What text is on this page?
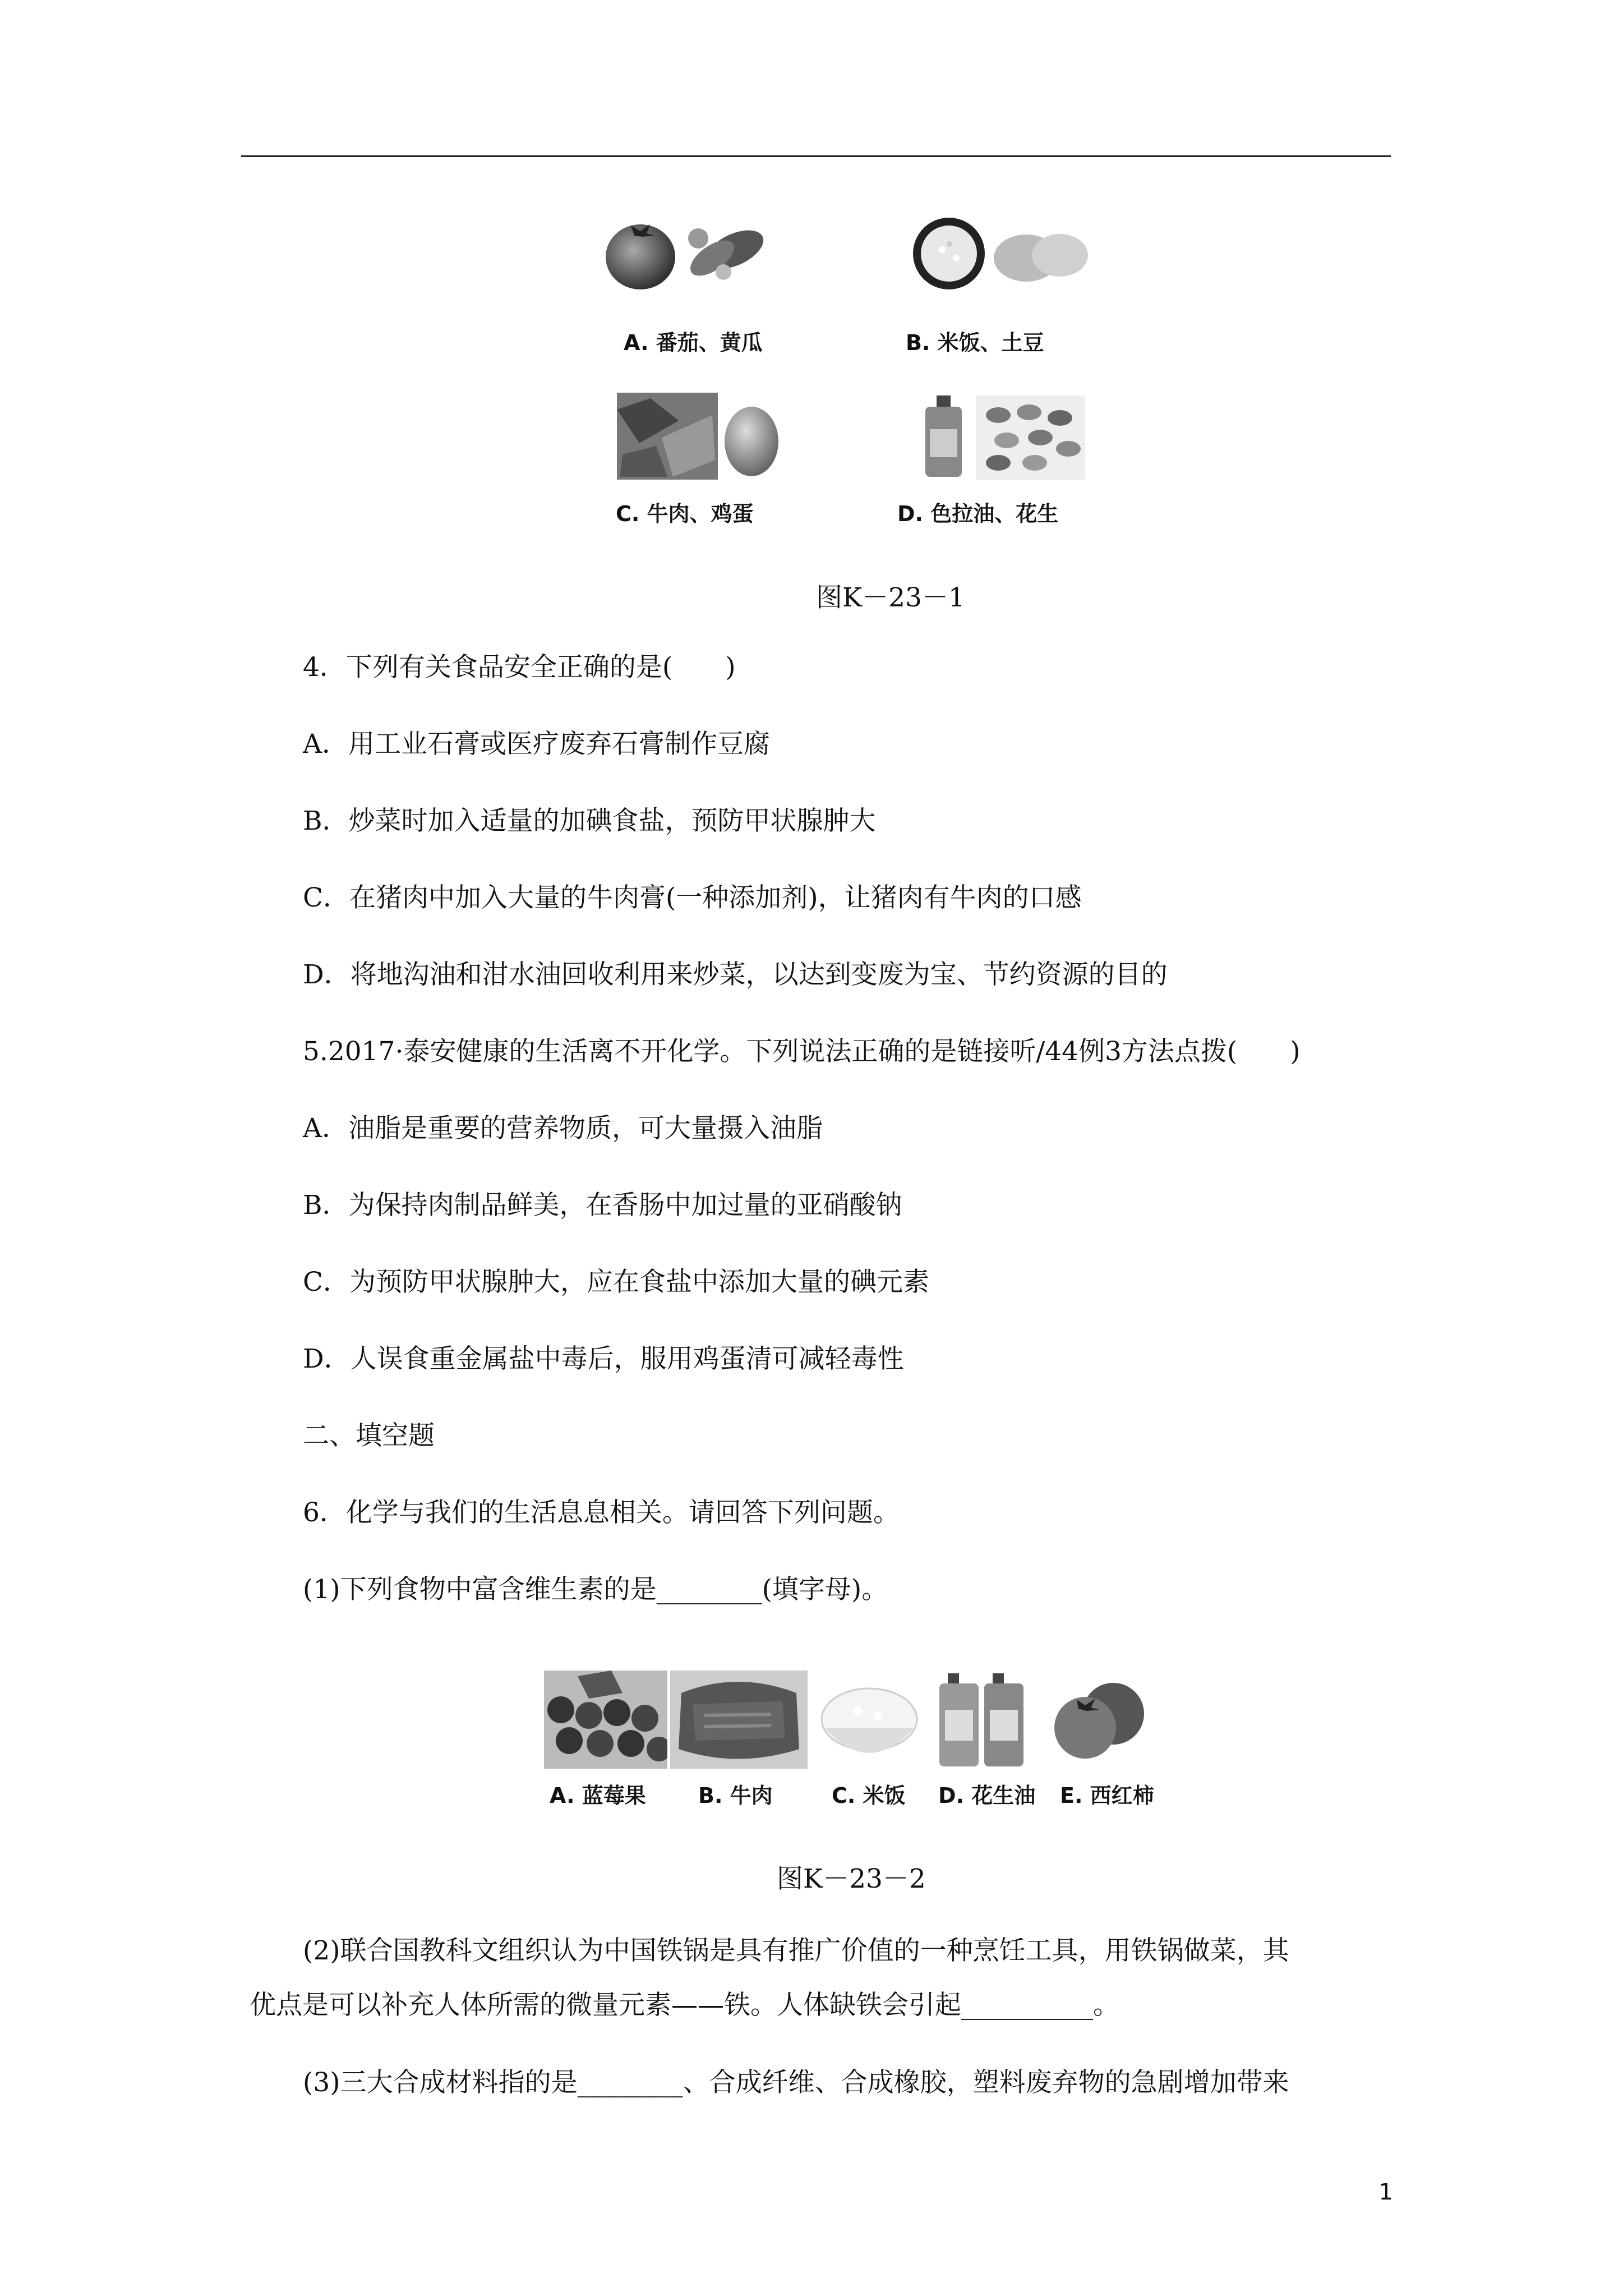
A. 番茄、黄瓜	B. 米饭、土豆
C. 牛肉、鸡蛋	D. 色拉油、花生
图K－23－1
4．下列有关食品安全正确的是(　　)
A．用工业石膏或医疗废弃石膏制作豆腐
B．炒菜时加入适量的加碘食盐，预防甲状腺肿大
C．在猪肉中加入大量的牛肉膏(一种添加剂)，让猪肉有牛肉的口感
D．将地沟油和泔水油回收利用来炒菜，以达到变废为宝、节约资源的目的
5.2017·泰安健康的生活离不开化学。下列说法正确的是链接听/44例3方法点拨(　　)
A．油脂是重要的营养物质，可大量摄入油脂
B．为保持肉制品鲜美，在香肠中加过量的亚硝酸钠
C．为预防甲状腺肿大，应在食盐中添加大量的碘元素
D．人误食重金属盐中毒后，服用鸡蛋清可减轻毒性
二、填空题
6．化学与我们的生活息息相关。请回答下列问题。
(1)下列食物中富含维生素的是________(填字母)。
A. 蓝莓果 B. 牛肉	C. 米饭 D. 花生油 E. 西红柿
图K－23－2
(2)联合国教科文组织认为中国铁锅是具有推广价值的一种烹饪工具，用铁锅做菜，其
优点是可以补充人体所需的微量元素——铁。人体缺铁会引起__________。
(3)三大合成材料指的是________、合成纤维、合成橡胶，塑料废弃物的急剧增加带来
1
